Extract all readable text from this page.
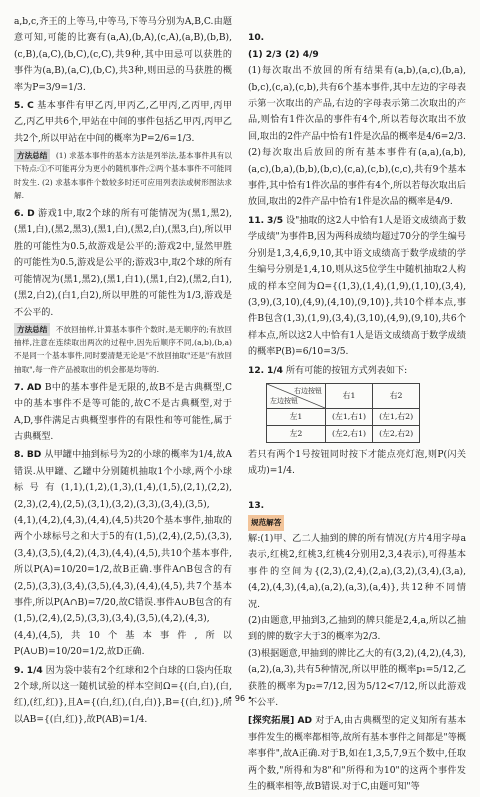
a,b,c,齐王的上等马,中等马,下等马分别为A,B,C.由题意可知,可能的比赛有(a,A),(b,A),(c,A),(a,B),(b,B),(c,B),(a,C),(b,C),(c,C),共9种,其中田忌可以获胜的事件为(a,B),(a,C),(b,C),共3种,则田忌的马获胜的概率为P=3/9=1/3.

5. C 基本事件有甲乙丙,甲丙乙,乙甲丙,乙丙甲,丙甲乙,丙乙甲共6个,甲站在中间的事件包括乙甲丙,丙甲乙共2个,所以甲站在中间的概率为P=2/6=1/3.

方法总结 (1) 求基本事件的基本方法是列举法,基本事件具有以下特点:①不可能再分为更小的随机事件;②两个基本事件不可能同时发生. (2) 求基本事件个数较多时还可应用列表法或树形图法求解.

6. D 游戏1中,取2个球的所有可能情况为(黑1,黑2),(黑1,白),(黑2,黑3),(黑1,白),(黑2,白),(黑3,白),所以甲胜的可能性为0.5,故游戏是公平的;游戏2中,显然甲胜的可能性为0.5,游戏是公平的;游戏3中,取2个球的所有可能情况为(黑1,黑2),(黑1,白1),(黑1,白2),(黑2,白1),(黑2,白2),(白1,白2),所以甲胜的可能性为1/3,游戏是不公平的.

方法总结 不放回抽样,计算基本事件个数时,是无顺序的;有放回抽样,注意在连续取出两次的过程中,因先后顺序不同,(a,b),(b,a)不是同一个基本事件,同时要清楚无论是"不放回抽取"还是"有放回抽取",每一件产品被取出的机会都是均等的.

7. AD B中的基本事件是无限的,故B不是古典概型,C中的基本事件不是等可能的,故C不是古典概型,对于A,D,事件满足古典概型事件的有限性和等可能性,属于古典概型.

8. BD 从甲罐中抽到标号为2的小球的概率为1/4,故A错误.从甲罐、乙罐中分别随机抽取1个小球,两个小球标号有(1,1),(1,2),(1,3),(1,4),(1,5),(2,1),(2,2),(2,3),(2,4),(2,5),(3,1),(3,2),(3,3),(3,4),(3,5),(4,1),(4,2),(4,3),(4,4),(4,5)共20个基本事件,抽取的两个小球标号之和大于5的有(1,5),(2,4),(2,5),(3,3),(3,4),(3,5),(4,2),(4,3),(4,4),(4,5),共10个基本事件,所以P(A)=10/20=1/2,故B正确.事件A∩B包含的有(2,5),(3,3),(3,4),(3,5),(4,3),(4,4),(4,5),共7个基本事件,所以P(A∩B)=7/20,故C错误.事件A∪B包含的有(1,5),(2,4),(2,5),(3,3),(3,4),(3,5),(4,2),(4,3),(4,4),(4,5),共10个基本事件,所以P(A∪B)=10/20=1/2,故D正确.

9. 1/4 因为袋中装有2个红球和2个白球的口袋内任取2个球,所以这一随机试验的样本空间Ω={(白,白),(白,红),(红,红)},且A={(白,红),(白,白)},B={(白,红)},所以AB={(白,红)},故P(AB)=1/4.

10.
(1) 2/3 (2) 4/9
(1)每次取出不放回的所有结果有(a,b),(a,c),(b,a),(b,c),(c,a),(c,b),共有6个基本事件,其中左边的字母表示第一次取出的产品,右边的字母表示第二次取出的产品,则恰有1件次品的事件有4个,所以若每次取出不放回,取出的2件产品中恰有1件是次品的概率是4/6=2/3.
(2)每次取出后放回的所有基本事件有(a,a),(a,b),(a,c),(b,a),(b,b),(b,c),(c,a),(c,b),(c,c),共有9个基本事件,其中恰有1件次品的事件有4个,所以若每次取出后放回,取出的2件产品中恰有1件是次品的概率是4/9.

11. 3/5 设"抽取的这2人中恰有1人是语文成绩高于数学成绩"为事件B,因为两科成绩均超过70分的学生编号分别是1,3,4,6,9,10,其中语文成绩高于数学成绩的学生编号分别是1,4,10,则从这5位学生中随机抽取2人构成的样本空间为Ω={(1,3),(1,4),(1,9),(1,10),(3,4),(3,9),(3,10),(4,9),(4,10),(9,10)},共10个样本点,事件B包含(1,3),(1,9),(3,4),(3,10),(4,9),(9,10),共6个样本点,所以这2人中恰有1人是语文成绩高于数学成绩的概率P(B)=6/10=3/5.

12. 1/4 所有可能的按钮方式列表如下:

右边按钮
左边按钮	右1	右2
左1	(左1,右1)	(左1,右2)
左2	(左2,右1)	(左2,右2)

若只有两个1号按钮同时按下才能点亮灯泡,则P(闪关成功)=1/4.

13.
规范解答
解:(1)甲、乙二人抽到的牌的所有情况(方片4用字母a表示,红桃2,红桃3,红桃4分别用2,3,4表示),可得基本事件的空间为{(2,3),(2,4),(2,a),(3,2),(3,4),(3,a),(4,2),(4,3),(4,a),(a,2),(a,3),(a,4)},共12种不同情况.
(2)由题意,甲抽到3,乙抽到的牌只能是2,4,a,所以乙抽到的牌的数字大于3的概率为2/3.
(3)根据题意,甲抽到的牌比乙大的有(3,2),(4,2),(4,3),(a,2),(a,3),共有5种情况,所以甲胜的概率p₁=5/12,乙获胜的概率为p₂=7/12,因为5/12<7/12,所以此游戏不公平.

[探究拓展] AD 对于A,由古典概型的定义知所有基本事件发生的概率都相等,故所有基本事件之间都是"等概率事件",故A正确.对于B,如在1,3,5,7,9五个数中,任取两个数,"所得和为8"和"所得和为10"的这两个事件发生的概率相等,故B错误.对于C,由题可知"等

• 96 •
